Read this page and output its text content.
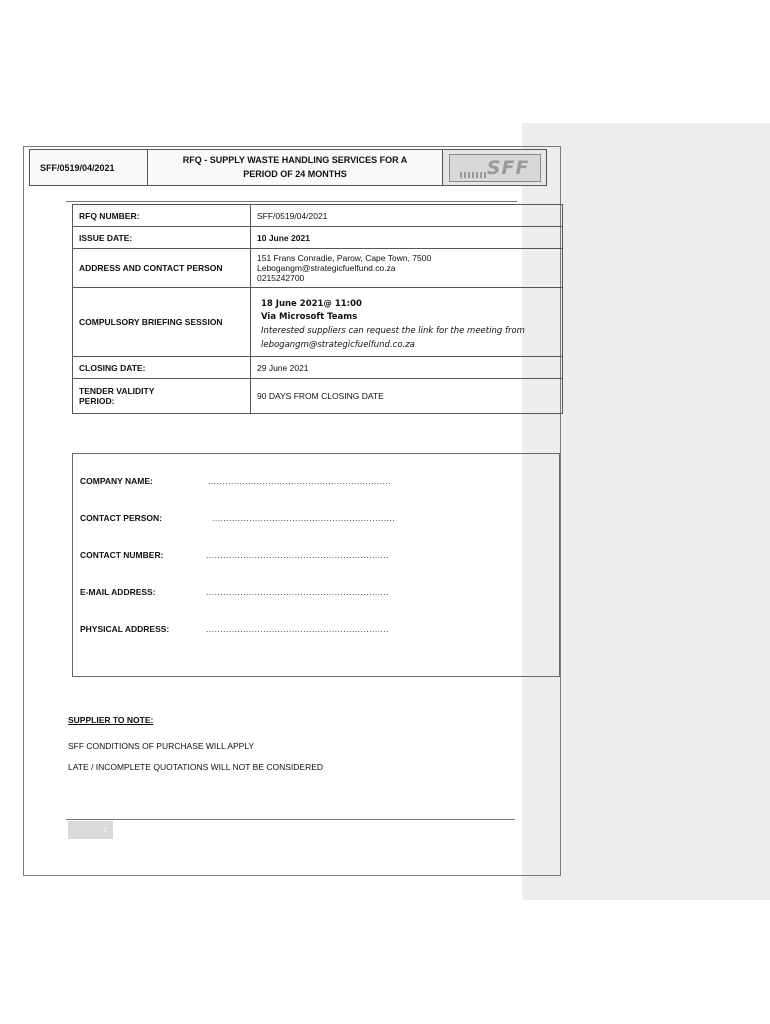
SFF/0519/04/2021
RFQ - SUPPLY WASTE HANDLING SERVICES FOR A
PERIOD OF 24 MONTHS	SFF
RFQ NUMBER:	SFF/0519/04/2021
ISSUE DATE:	10 June 2021
ADDRESS AND CONTACT PERSON	151 Frans Conradie, Parow, Cape Town, 7500
Lebogangm@strategicfuelfund.co.za
0215242700

COMPULSORY BRIEFING SESSION	18 June 2021@ 11:00
Via Microsoft Teams
Interested suppliers can request the link for the meeting from
lebogangm@strategicfuelfund.co.za

CLOSING DATE:	29 June 2021

TENDER VALIDITY
PERIOD:	90 DAYS FROM CLOSING DATE
COMPANY NAME:	................................................................
CONTACT PERSON:	................................................................
CONTACT NUMBER:	................................................................
E-MAIL ADDRESS:	................................................................
PHYSICAL ADDRESS:	................................................................
SUPPLIER TO NOTE:
SFF CONDITIONS OF PURCHASE WILL APPLY
LATE / INCOMPLETE QUOTATIONS WILL NOT BE CONSIDERED
1
